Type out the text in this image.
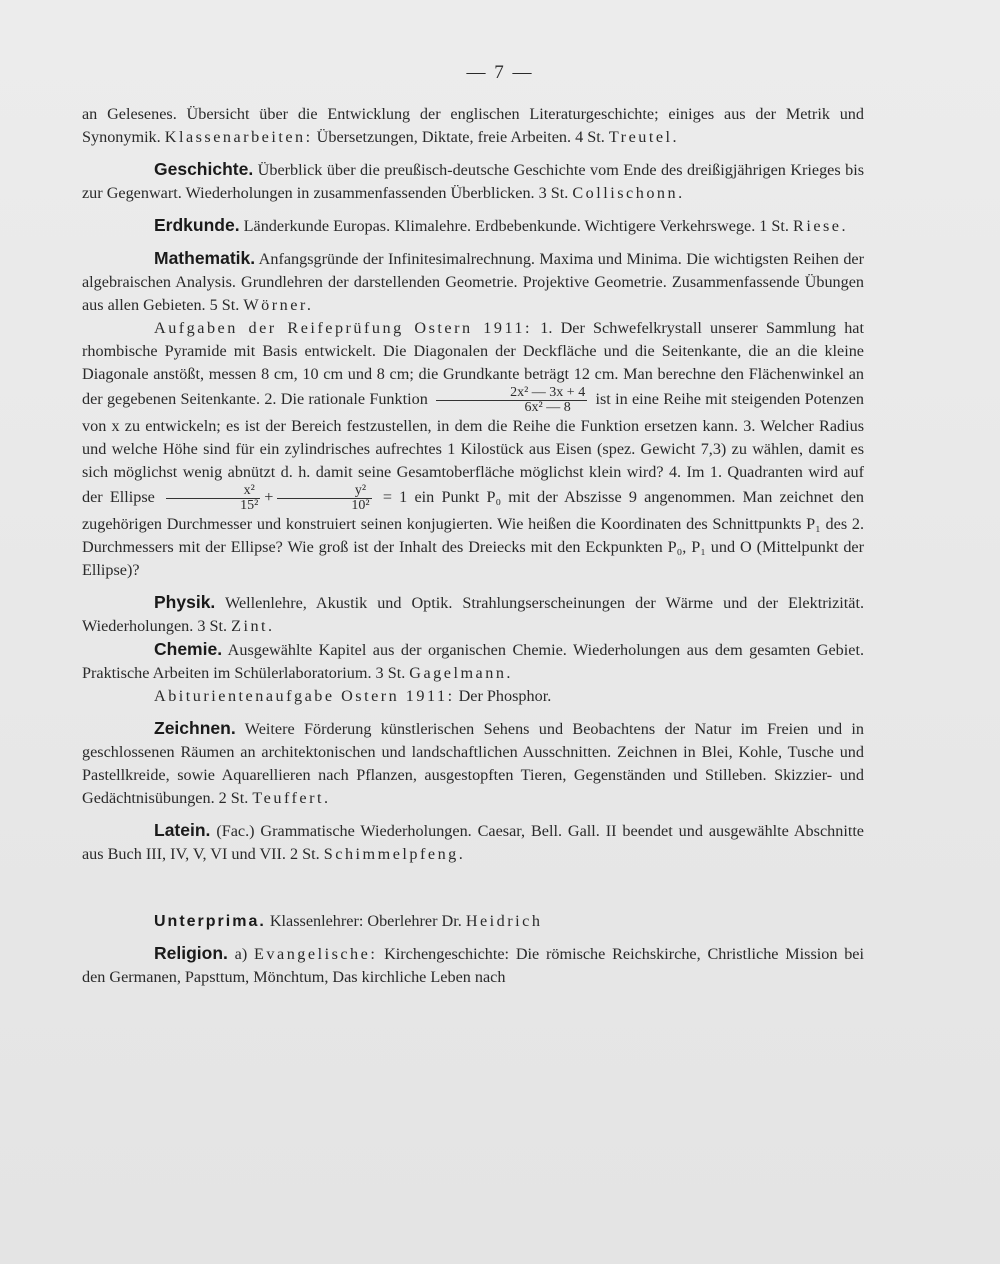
— 7 —

an Gelesenes. Übersicht über die Entwicklung der englischen Literaturgeschichte; einiges aus der Metrik und Synonymik. Klassenarbeiten: Übersetzungen, Diktate, freie Arbeiten. 4 St. Treutel.

Geschichte. Überblick über die preußisch-deutsche Geschichte vom Ende des dreißigjährigen Krieges bis zur Gegenwart. Wiederholungen in zusammenfassenden Überblicken. 3 St. Collischonn.

Erdkunde. Länderkunde Europas. Klimalehre. Erdbebenkunde. Wichtigere Verkehrswege. 1 St. Riese.

Mathematik. Anfangsgründe der Infinitesimalrechnung. Maxima und Minima. Die wichtigsten Reihen der algebraischen Analysis. Grundlehren der darstellenden Geometrie. Projektive Geometrie. Zusammenfassende Übungen aus allen Gebieten. 5 St. Wörner.

Aufgaben der Reifeprüfung Ostern 1911: 1. Der Schwefelkrystall unserer Sammlung hat rhombische Pyramide mit Basis entwickelt. Die Diagonalen der Deckfläche und die Seitenkante, die an die kleine Diagonale anstößt, messen 8 cm, 10 cm und 8 cm; die Grundkante beträgt 12 cm. Man berechne den Flächenwinkel an der gegebenen Seitenkante. 2. Die rationale Funktion $\frac{\text{2x² — 3x + 4}}{\text{6x² — 8}}$ ist in eine Reihe mit steigenden Potenzen von x zu entwickeln; es ist der Bereich festzustellen, in dem die Reihe die Funktion ersetzen kann. 3. Welcher Radius und welche Höhe sind für ein zylindrisches aufrechtes 1 Kilostück aus Eisen (spez. Gewicht 7,3) zu wählen, damit es sich möglichst wenig abnützt d. h. damit seine Gesamtoberfläche möglichst klein wird? 4. Im 1. Quadranten wird auf der Ellipse $\frac{\text{x²}}{\text{15²}} + \frac{\text{y²}}{\text{10²}} = 1$ ein Punkt P₀ mit der Abszisse 9 angenommen. Man zeichnet den zugehörigen Durchmesser und konstruiert seinen konjugierten. Wie heißen die Koordinaten des Schnittpunkts P₁ des 2. Durchmessers mit der Ellipse? Wie groß ist der Inhalt des Dreiecks mit den Eckpunkten P₀, P₁ und O (Mittelpunkt der Ellipse)?

Physik. Wellenlehre, Akustik und Optik. Strahlungserscheinungen der Wärme und der Elektrizität. Wiederholungen. 3 St. Zint.

Chemie. Ausgewählte Kapitel aus der organischen Chemie. Wiederholungen aus dem gesamten Gebiet. Praktische Arbeiten im Schülerlaboratorium. 3 St. Gagelmann.

Abiturientenaufgabe Ostern 1911: Der Phosphor.

Zeichnen. Weitere Förderung künstlerischen Sehens und Beobachtens der Natur im Freien und in geschlossenen Räumen an architektonischen und landschaftlichen Ausschnitten. Zeichnen in Blei, Kohle, Tusche und Pastellkreide, sowie Aquarellieren nach Pflanzen, ausgestopften Tieren, Gegenständen und Stilleben. Skizzier- und Gedächtnisübungen. 2 St. Teuffert.

Latein. (Fac.) Grammatische Wiederholungen. Caesar, Bell. Gall. II beendet und ausgewählte Abschnitte aus Buch III, IV, V, VI und VII. 2 St. Schimmelpfeng.

Unterprima. Klassenlehrer: Oberlehrer Dr. Heidrich

Religion. a) Evangelische: Kirchengeschichte: Die römische Reichskirche, Christliche Mission bei den Germanen, Papsttum, Mönchtum, Das kirchliche Leben nach
